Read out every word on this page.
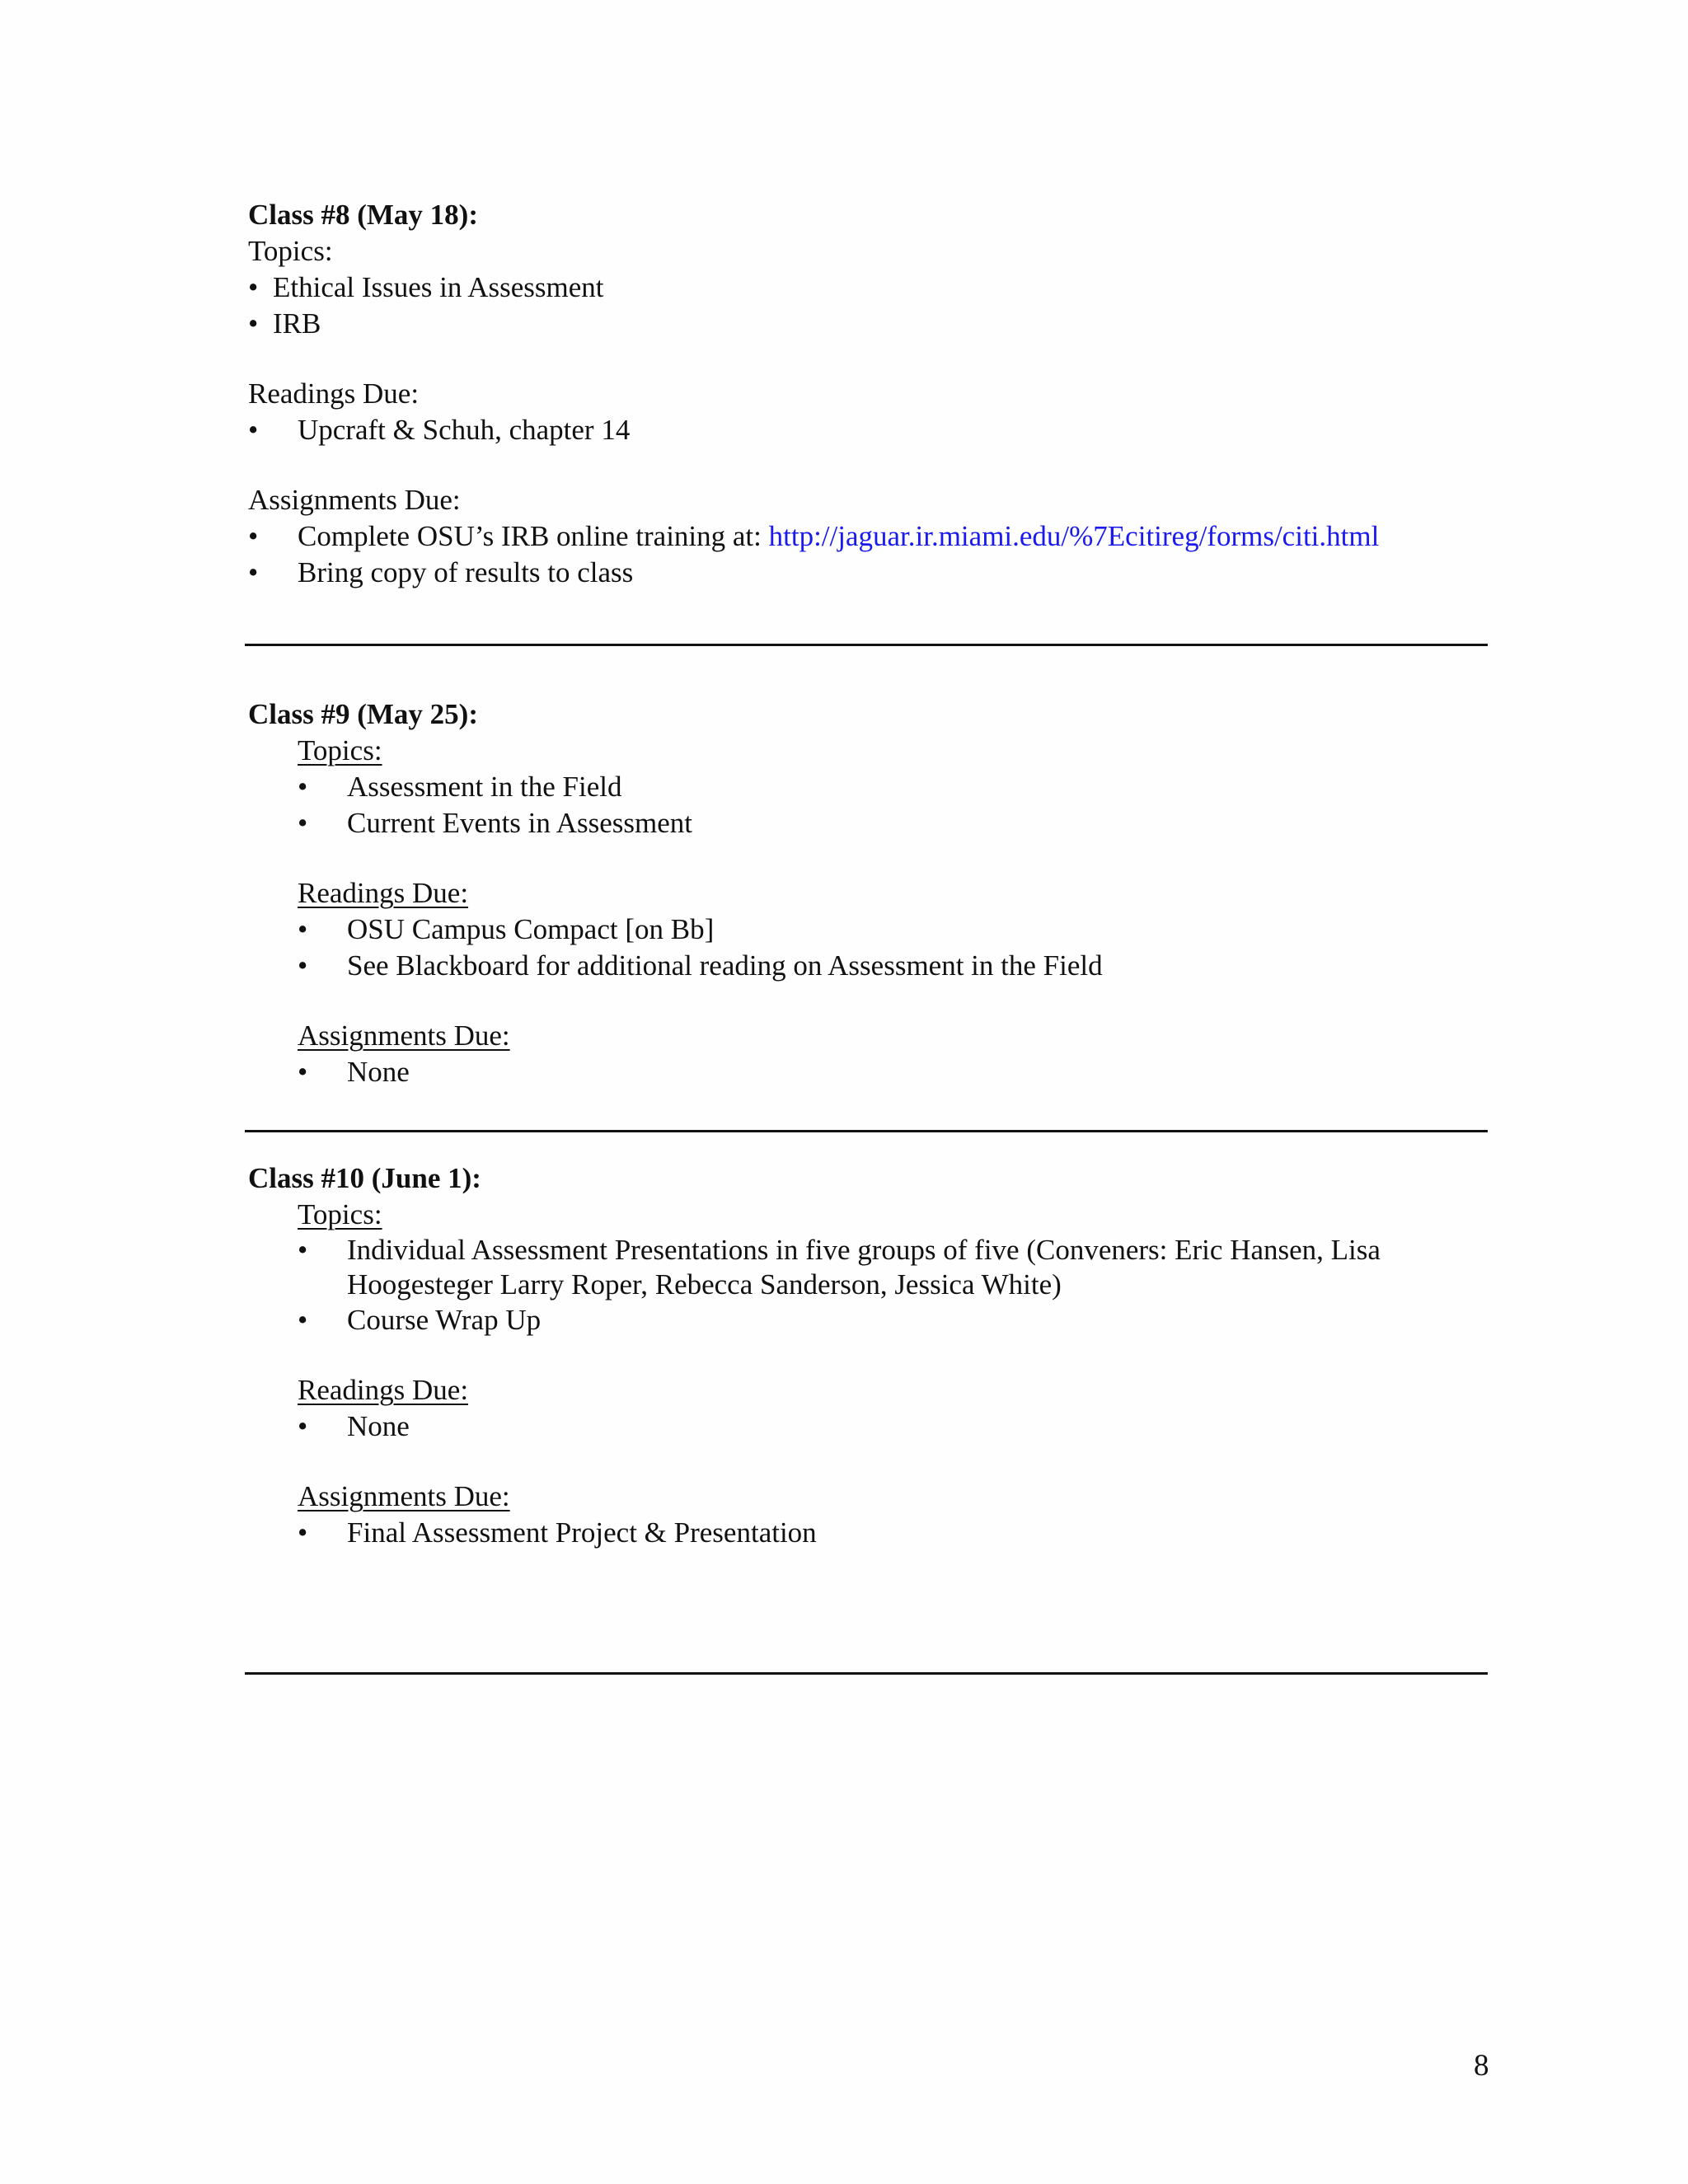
Class #8 (May 18):
Topics:
• Ethical Issues in Assessment
• IRB
Readings Due:
• Upcraft & Schuh, chapter 14
Assignments Due:
• Complete OSU’s IRB online training at: http://jaguar.ir.miami.edu/%7Ecitireg/forms/citi.html
• Bring copy of results to class
Class #9 (May 25):
Topics:
• Assessment in the Field
• Current Events in Assessment
Readings Due:
• OSU Campus Compact [on Bb]
• See Blackboard for additional reading on Assessment in the Field
Assignments Due:
• None
Class #10 (June 1):
Topics:
• Individual Assessment Presentations in five groups of five (Conveners: Eric Hansen, Lisa Hoogesteger Larry Roper, Rebecca Sanderson, Jessica White)
• Course Wrap Up
Readings Due:
• None
Assignments Due:
• Final Assessment Project & Presentation
8
